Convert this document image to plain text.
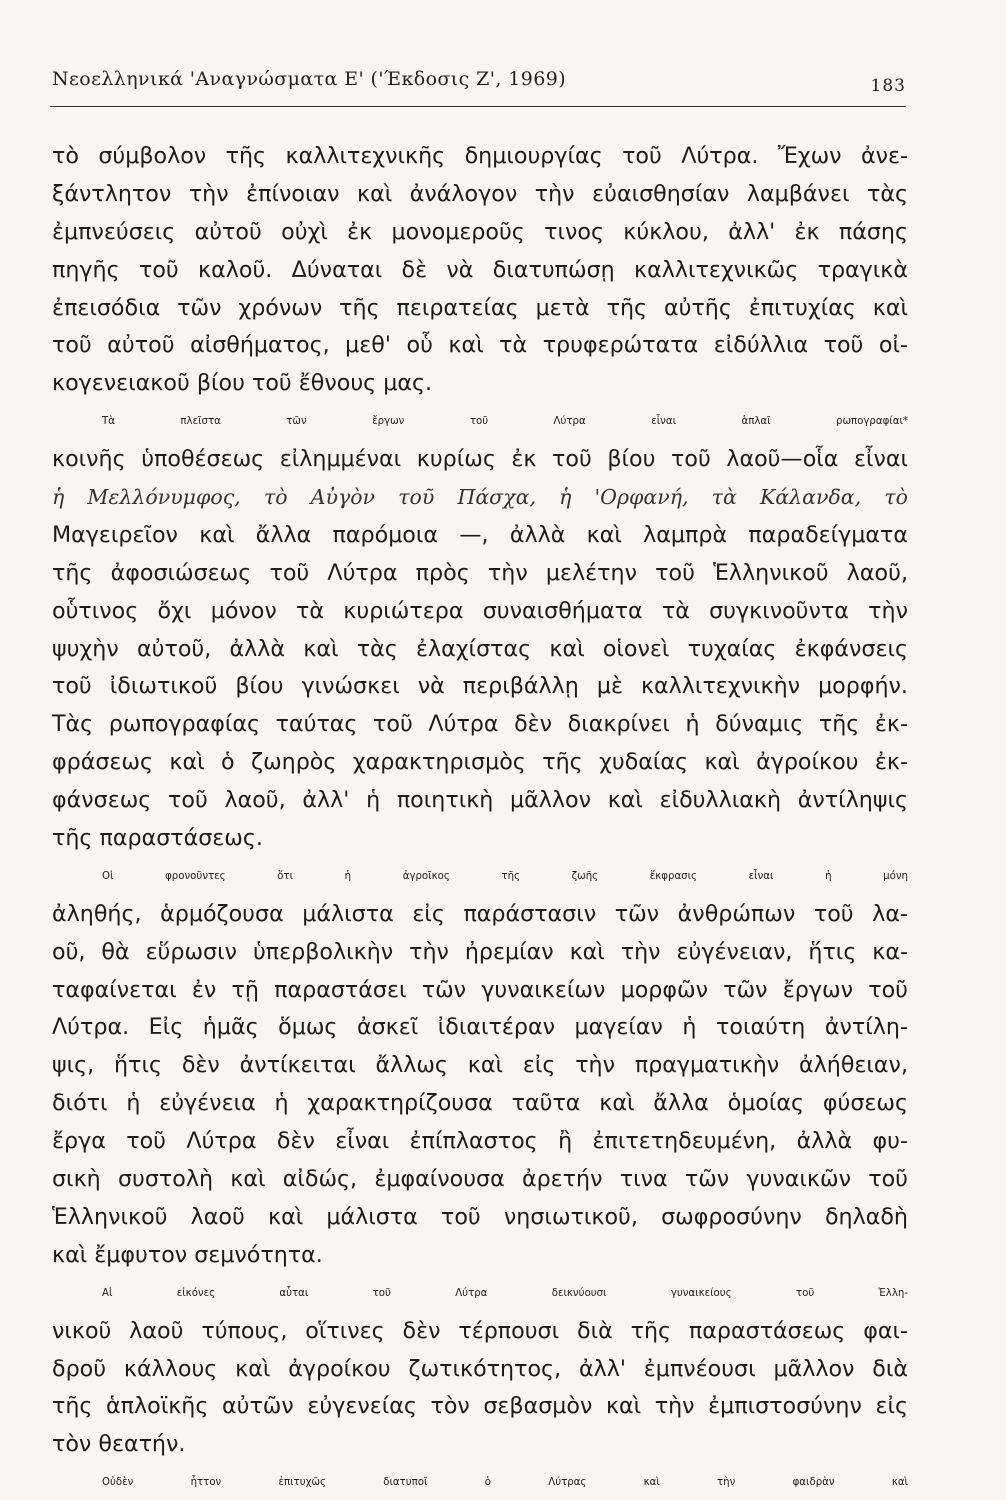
Νεοελληνικά 'Αναγνώσματα Ε' ('Έκδοσις Ζ', 1969)	183
τὸ σύμβολον τῆς καλλιτεχνικῆς δημιουργίας τοῦ Λύτρα. Ἔχων ἀνε-
ξάντλητον τὴν ἐπίνοιαν καὶ ἀνάλογον τὴν εὐαισθησίαν λαμβάνει τὰς
ἐμπνεύσεις αὐτοῦ οὐχὶ ἐκ μονομεροῦς τινος κύκλου, ἀλλ' ἐκ πάσης
πηγῆς τοῦ καλοῦ. Δύναται δὲ νὰ διατυπώσῃ καλλιτεχνικῶς τραγικὰ
ἐπεισόδια τῶν χρόνων τῆς πειρατείας μετὰ τῆς αὐτῆς ἐπιτυχίας καὶ
τοῦ αὐτοῦ αἰσθήματος, μεθ' οὗ καὶ τὰ τρυφερώτατα εἰδύλλια τοῦ οἰ-
κογενειακοῦ βίου τοῦ ἔθνους μας.
Τὰ πλεῖστα τῶν ἔργων τοῦ Λύτρα εἶναι ἁπλαῖ ρωπογραφίαι*
κοινῆς ὑποθέσεως εἰλημμέναι κυρίως ἐκ τοῦ βίου τοῦ λαοῦ—οἷα εἶναι
ἡ Μελλόνυμφος, τὸ Αὐγὸν τοῦ Πάσχα, ἡ 'Ορφανή, τὰ Κάλανδα, τὸ
Μαγειρεῖον καὶ ἄλλα παρόμοια —, ἀλλὰ καὶ λαμπρὰ παραδείγματα
τῆς ἀφοσιώσεως τοῦ Λύτρα πρὸς τὴν μελέτην τοῦ Ἑλληνικοῦ λαοῦ,
οὗτινος ὄχι μόνον τὰ κυριώτερα συναισθήματα τὰ συγκινοῦντα τὴν
ψυχὴν αὐτοῦ, ἀλλὰ καὶ τὰς ἐλαχίστας καὶ οἱονεὶ τυχαίας ἐκφάνσεις
τοῦ ἰδιωτικοῦ βίου γινώσκει νὰ περιβάλλῃ μὲ καλλιτεχνικὴν μορφήν.
Τὰς ρωπογραφίας ταύτας τοῦ Λύτρα δὲν διακρίνει ἡ δύναμις τῆς ἐκ-
φράσεως καὶ ὁ ζωηρὸς χαρακτηρισμὸς τῆς χυδαίας καὶ ἀγροίκου ἐκ-
φάνσεως τοῦ λαοῦ, ἀλλ' ἡ ποιητικὴ μᾶλλον καὶ εἰδυλλιακὴ ἀντίληψις
τῆς παραστάσεως.
Οἱ φρονοῦντες ὅτι ἡ ἀγροῖκος τῆς ζωῆς ἔκφρασις εἶναι ἡ μόνη
ἀληθής, ἁρμόζουσα μάλιστα εἰς παράστασιν τῶν ἀνθρώπων τοῦ λα-
οῦ, θὰ εὕρωσιν ὑπερβολικὴν τὴν ἠρεμίαν καὶ τὴν εὐγένειαν, ἥτις κα-
ταφαίνεται ἐν τῇ παραστάσει τῶν γυναικείων μορφῶν τῶν ἔργων τοῦ
Λύτρα. Εἰς ἡμᾶς ὅμως ἀσκεῖ ἰδιαιτέραν μαγείαν ἡ τοιαύτη ἀντίλη-
ψις, ἥτις δὲν ἀντίκειται ἄλλως καὶ εἰς τὴν πραγματικὴν ἀλήθειαν,
διότι ἡ εὐγένεια ἡ χαρακτηρίζουσα ταῦτα καὶ ἄλλα ὁμοίας φύσεως
ἔργα τοῦ Λύτρα δὲν εἶναι ἐπίπλαστος ἢ ἐπιτετηδευμένη, ἀλλὰ φυ-
σικὴ συστολὴ καὶ αἰδώς, ἐμφαίνουσα ἀρετήν τινα τῶν γυναικῶν τοῦ
Ἑλληνικοῦ λαοῦ καὶ μάλιστα τοῦ νησιωτικοῦ, σωφροσύνην δηλαδὴ
καὶ ἔμφυτον σεμνότητα.
Αἱ εἰκόνες αὗται τοῦ Λύτρα δεικνύουσι γυναικείους τοῦ Ἑλλη-
νικοῦ λαοῦ τύπους, οἵτινες δὲν τέρπουσι διὰ τῆς παραστάσεως φαι-
δροῦ κάλλους καὶ ἀγροίκου ζωτικότητος, ἀλλ' ἐμπνέουσι μᾶλλον διὰ
τῆς ἁπλοϊκῆς αὐτῶν εὐγενείας τὸν σεβασμὸν καὶ τὴν ἐμπιστοσύνην εἰς
τὸν θεατήν.
Οὐδὲν ἧττον ἐπιτυχῶς διατυποῖ ὁ Λύτρας καὶ τὴν φαιδρὰν καὶ
